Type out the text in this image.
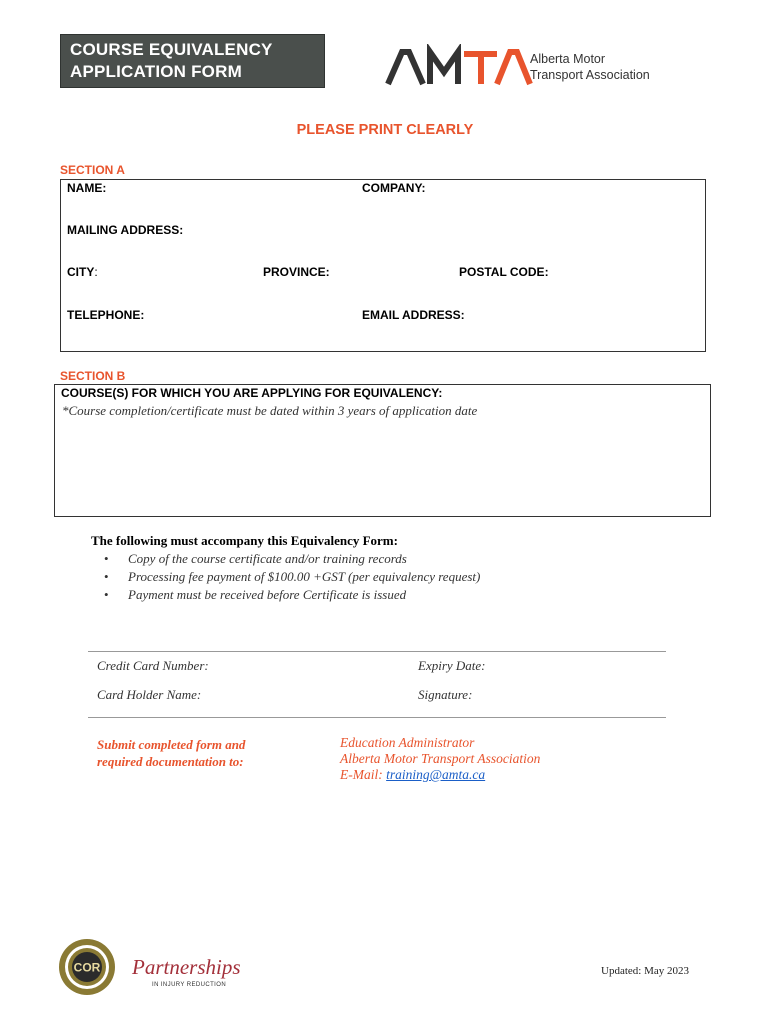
COURSE EQUIVALENCY
APPLICATION FORM
Alberta Motor
Transport Association
PLEASE PRINT CLEARLY
SECTION A
NAME:	COMPANY:
MAILING ADDRESS:
CITY:	PROVINCE:	POSTAL CODE:
TELEPHONE:	EMAIL ADDRESS:
SECTION B
COURSE(S) FOR WHICH YOU ARE APPLYING FOR EQUIVALENCY:
*Course completion/certificate must be dated within 3 years of application date
The following must accompany this Equivalency Form:
• Copy of the course certificate and/or training records
• Processing fee payment of $100.00 +GST (per equivalency request)
• Payment must be received before Certificate is issued
Credit Card Number:	Expiry Date:
Card Holder Name:	Signature:
Submit completed form and
required documentation to:
Education Administrator
Alberta Motor Transport Association
E-Mail: training@amta.ca
COR Partnerships
IN INJURY REDUCTION
Updated: May 2023
